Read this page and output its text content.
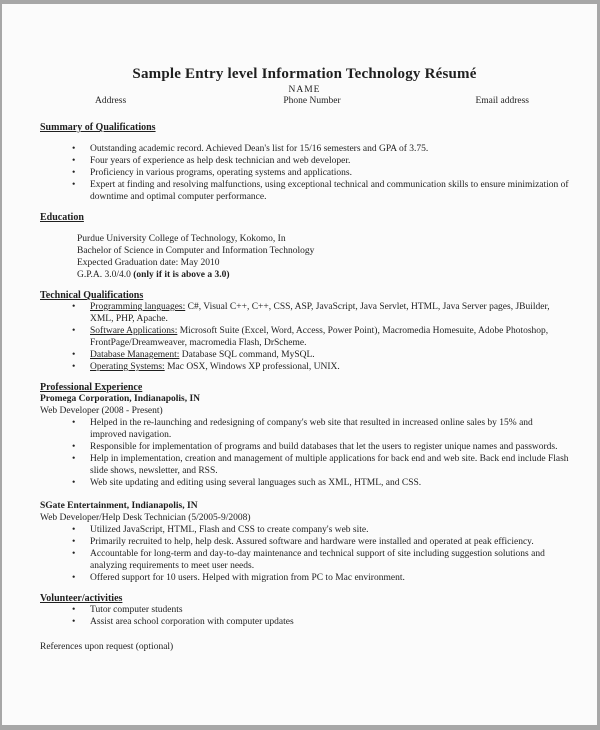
Sample Entry level Information Technology Résumé
NAME
Address	Phone Number	Email address
Summary of Qualifications
• Outstanding academic record. Achieved Dean's list for 15/16 semesters and GPA of 3.75.
• Four years of experience as help desk technician and web developer.
• Proficiency in various programs, operating systems and applications.
• Expert at finding and resolving malfunctions, using exceptional technical and communication skills to ensure minimization of downtime and optimal computer performance.
Education
Purdue University College of Technology, Kokomo, In
Bachelor of Science in Computer and Information Technology
Expected Graduation date: May 2010
G.P.A. 3.0/4.0 (only if it is above a 3.0)
Technical Qualifications
• Programming languages: C#, Visual C++, C++, CSS, ASP, JavaScript, Java Servlet, HTML, Java Server pages, JBuilder, XML, PHP, Apache.
• Software Applications: Microsoft Suite (Excel, Word, Access, Power Point), Macromedia Homesuite, Adobe Photoshop, FrontPage/Dreamweaver, macromedia Flash, DrScheme.
• Database Management: Database SQL command, MySQL.
• Operating Systems: Mac OSX, Windows XP professional, UNIX.
Professional Experience
Promega Corporation, Indianapolis, IN
Web Developer (2008 - Present)
• Helped in the re-launching and redesigning of company's web site that resulted in increased online sales by 15% and improved navigation.
• Responsible for implementation of programs and build databases that let the users to register unique names and passwords.
• Help in implementation, creation and management of multiple applications for back end and web site. Back end include Flash slide shows, newsletter, and RSS.
• Web site updating and editing using several languages such as XML, HTML, and CSS.
SGate Entertainment, Indianapolis, IN
Web Developer/Help Desk Technician (5/2005-9/2008)
• Utilized JavaScript, HTML, Flash and CSS to create company's web site.
• Primarily recruited to help, help desk. Assured software and hardware were installed and operated at peak efficiency.
• Accountable for long-term and day-to-day maintenance and technical support of site including suggestion solutions and analyzing requirements to meet user needs.
• Offered support for 10 users. Helped with migration from PC to Mac environment.
Volunteer/activities
• Tutor computer students
• Assist area school corporation with computer updates
References upon request (optional)
